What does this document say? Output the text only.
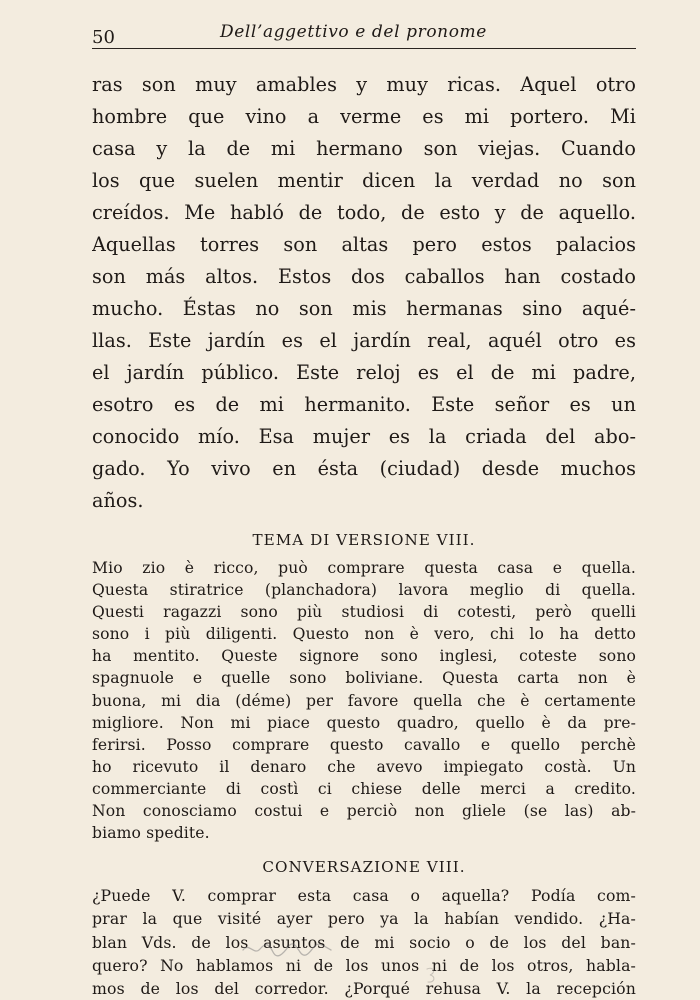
50	Dell’aggettivo e del pronome

ras son muy amables y muy ricas. Aquel otro

hombre que vino a verme es mi portero. Mi

casa y la de mi hermano son viejas. Cuando

los que suelen mentir dicen la verdad no son

creídos. Me habló de todo, de esto y de aquello.

Aquellas torres son altas pero estos palacios

son más altos. Estos dos caballos han costado

mucho. Éstas no son mis hermanas sino aqué-

llas. Este jardín es el jardín real, aquél otro es

el jardín público. Este reloj es el de mi padre,

esotro es de mi hermanito. Este señor es un

conocido mío. Esa mujer es la criada del abo-

gado. Yo vivo en ésta (ciudad) desde muchos

años.

TEMA DI VERSIONE VIII.

Mio zio è ricco, può comprare questa casa e quella.

Questa stiratrice (planchadora) lavora meglio di quella.

Questi ragazzi sono più studiosi di cotesti, però quelli

sono i più diligenti. Questo non è vero, chi lo ha detto

ha mentito. Queste signore sono inglesi, coteste sono

spagnuole e quelle sono boliviane. Questa carta non è

buona, mi dia (déme) per favore quella che è certamente

migliore. Non mi piace questo quadro, quello è da pre-

ferirsi. Posso comprare questo cavallo e quello perchè

ho ricevuto il denaro che avevo impiegato costà. Un

commerciante di costì ci chiese delle merci a credito.

Non conosciamo costui e perciò non gliele (se las) ab-

biamo spedite.

CONVERSAZIONE VIII.

¿Puede V. comprar esta casa o aquella? Podía com-

prar la que visité ayer pero ya la habían vendido. ¿Ha-

blan Vds. de los asuntos de mi socio o de los del ban-

quero? No hablamos ni de los unos ni de los otros, habla-

mos de los del corredor. ¿Porqué rehusa V. la recepción
